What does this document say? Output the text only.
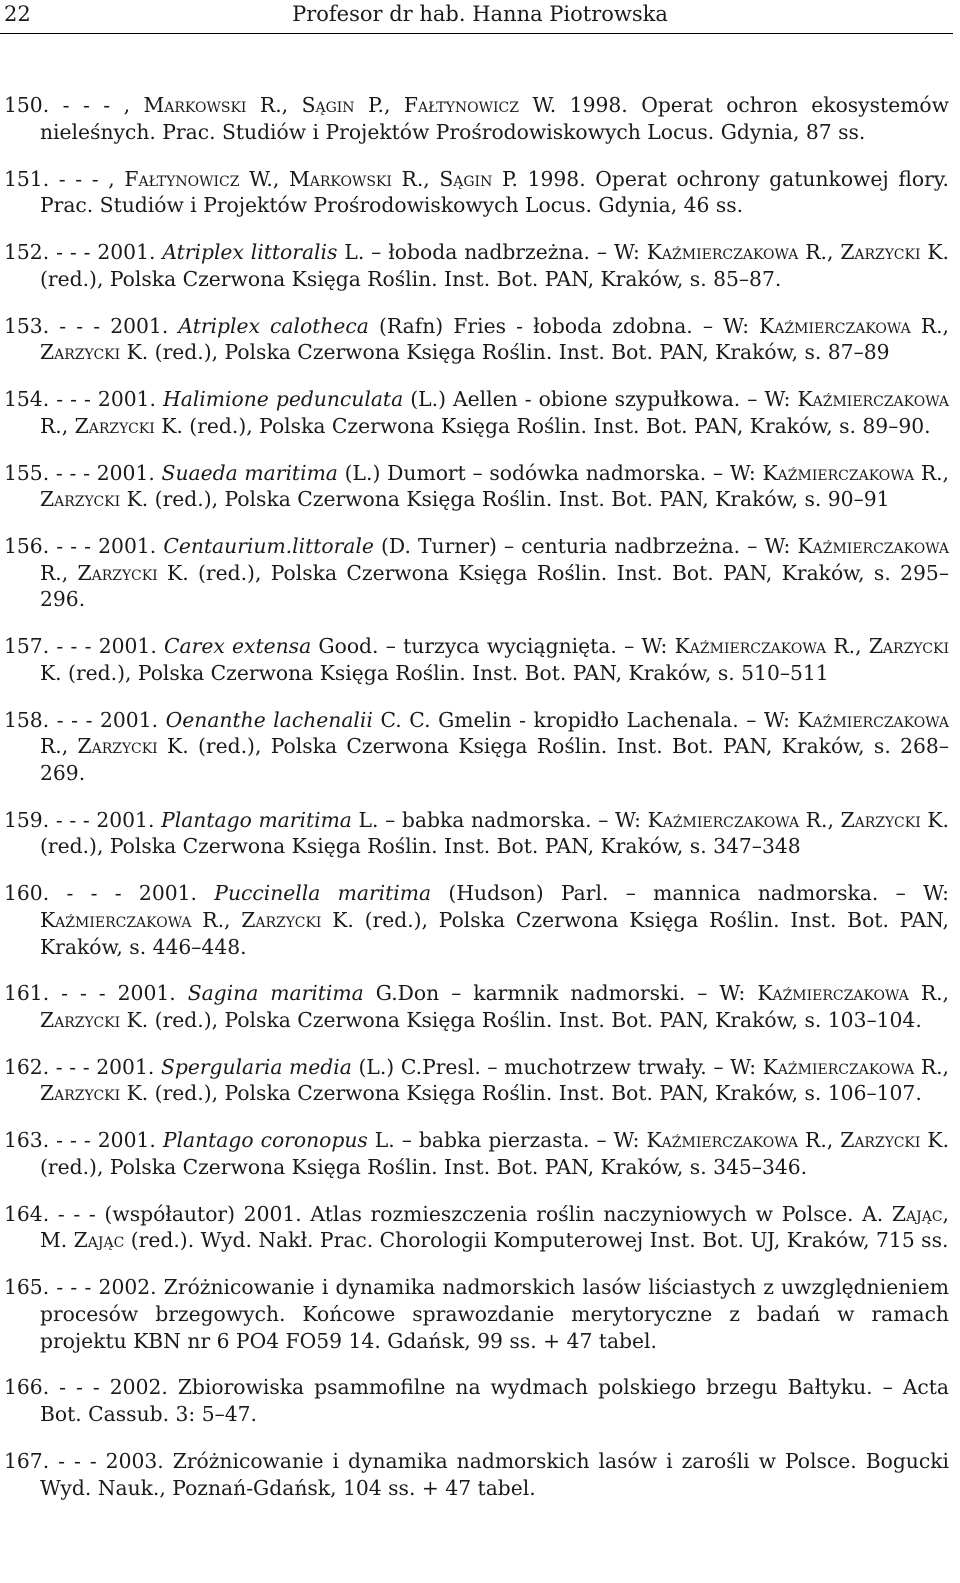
22	Profesor dr hab. Hanna Piotrowska

150. - - - , Markowski R., Sągin P., Fałtynowicz W. 1998. Operat ochron ekosystemów nieleśnych. Prac. Studiów i Projektów Prośrodowiskowych Locus. Gdynia, 87 ss.

151. - - - , Fałtynowicz W., Markowski R., Sągin P. 1998. Operat ochrony gatunkowej flory. Prac. Studiów i Projektów Prośrodowiskowych Locus. Gdynia, 46 ss.

152. - - - 2001. Atriplex littoralis L. – łoboda nadbrzeżna. – W: Kaźmierczakowa R., Zarzycki K. (red.), Polska Czerwona Księga Roślin. Inst. Bot. PAN, Kraków, s. 85–87.

153. - - - 2001. Atriplex calotheca (Rafn) Fries - łoboda zdobna. – W: Kaźmierczakowa R., Zarzycki K. (red.), Polska Czerwona Księga Roślin. Inst. Bot. PAN, Kraków, s. 87–89

154. - - - 2001. Halimione pedunculata (L.) Aellen - obione szypułkowa. – W: Kaźmierczakowa R., Zarzycki K. (red.), Polska Czerwona Księga Roślin. Inst. Bot. PAN, Kraków, s. 89–90.

155. - - - 2001. Suaeda maritima (L.) Dumort – sodówka nadmorska. – W: Kaźmierczakowa R., Zarzycki K. (red.), Polska Czerwona Księga Roślin. Inst. Bot. PAN, Kraków, s. 90–91

156. - - - 2001. Centaurium.littorale (D. Turner) – centuria nadbrzeżna. – W: Kaźmierczakowa R., Zarzycki K. (red.), Polska Czerwona Księga Roślin. Inst. Bot. PAN, Kraków, s. 295–296.

157. - - - 2001. Carex extensa Good. – turzyca wyciągnięta. – W: Kaźmierczakowa R., Zarzycki K. (red.), Polska Czerwona Księga Roślin. Inst. Bot. PAN, Kraków, s. 510–511

158. - - - 2001. Oenanthe lachenalii C. C. Gmelin - kropidło Lachenala. – W: Kaźmierczakowa R., Zarzycki K. (red.), Polska Czerwona Księga Roślin. Inst. Bot. PAN, Kraków, s. 268–269.

159. - - - 2001. Plantago maritima L. – babka nadmorska. – W: Kaźmierczakowa R., Zarzycki K. (red.), Polska Czerwona Księga Roślin. Inst. Bot. PAN, Kraków, s. 347–348

160. - - - 2001. Puccinella maritima (Hudson) Parl. – mannica nadmorska. – W: Kaźmierczakowa R., Zarzycki K. (red.), Polska Czerwona Księga Roślin. Inst. Bot. PAN, Kraków, s. 446–448.

161. - - - 2001. Sagina maritima G.Don – karmnik nadmorski. – W: Kaźmierczakowa R., Zarzycki K. (red.), Polska Czerwona Księga Roślin. Inst. Bot. PAN, Kraków, s. 103–104.

162. - - - 2001. Spergularia media (L.) C.Presl. – muchotrzew trwały. – W: Kaźmierczakowa R., Zarzycki K. (red.), Polska Czerwona Księga Roślin. Inst. Bot. PAN, Kraków, s. 106–107.

163. - - - 2001. Plantago coronopus L. – babka pierzasta. – W: Kaźmierczakowa R., Zarzycki K. (red.), Polska Czerwona Księga Roślin. Inst. Bot. PAN, Kraków, s. 345–346.

164. - - - (współautor) 2001. Atlas rozmieszczenia roślin naczyniowych w Polsce. A. Zając, M. Zając (red.). Wyd. Nakł. Prac. Chorologii Komputerowej Inst. Bot. UJ, Kraków, 715 ss.

165. - - - 2002. Zróżnicowanie i dynamika nadmorskich lasów liściastych z uwzględnieniem procesów brzegowych. Końcowe sprawozdanie merytoryczne z badań w ramach projektu KBN nr 6 PO4 FO59 14. Gdańsk, 99 ss. + 47 tabel.

166. - - - 2002. Zbiorowiska psammofilne na wydmach polskiego brzegu Bałtyku. – Acta Bot. Cassub. 3: 5–47.

167. - - - 2003. Zróżnicowanie i dynamika nadmorskich lasów i zarośli w Polsce. Bogucki Wyd. Nauk., Poznań-Gdańsk, 104 ss. + 47 tabel.
